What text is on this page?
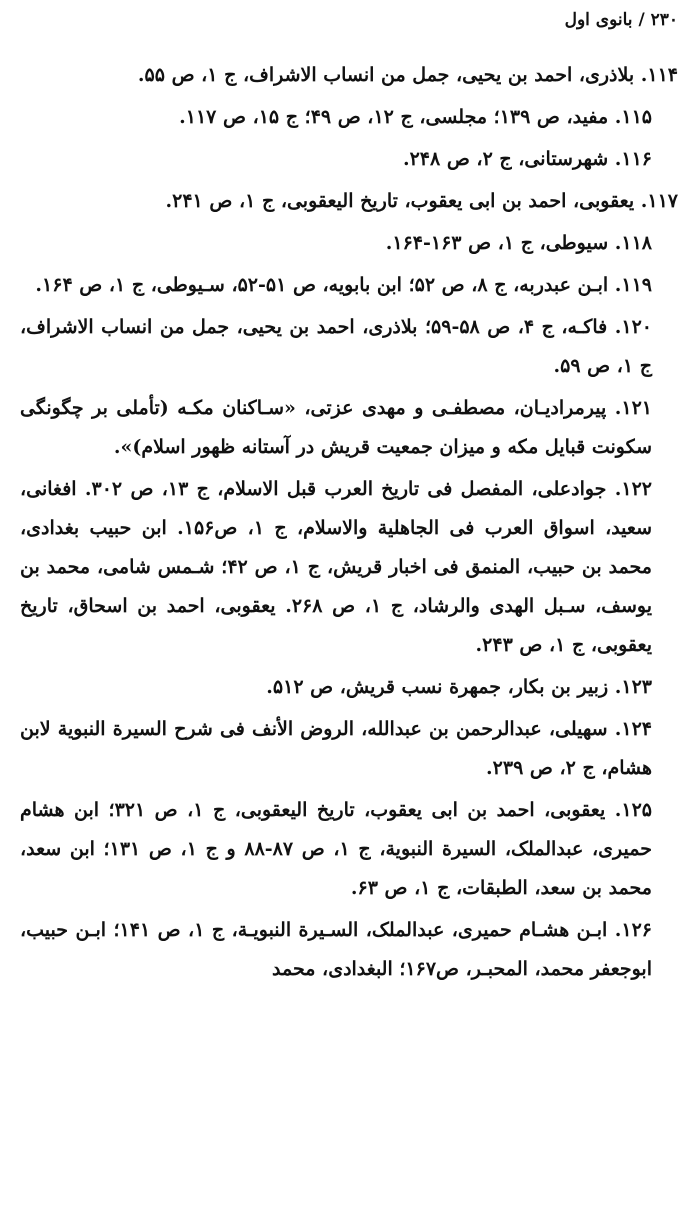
۲۳۰ / بانوی اول

۱۱۴. بلاذری، احمد بن یحیی، جمل من انساب الاشراف، ج ۱، ص ۵۵.

۱۱۵. مفید، ص ۱۳۹؛ مجلسی، ج ۱۲، ص ۴۹؛ ج ۱۵، ص ۱۱۷.

۱۱۶. شهرستانی، ج ۲، ص ۲۴۸.

۱۱۷. یعقوبی، احمد بن ابی یعقوب، تاریخ الیعقوبی، ج ۱، ص ۲۴۱.

۱۱۸. سیوطی، ج ۱، ص ۱۶۳-۱۶۴.

۱۱۹. ابـن عبدربه، ج ۸، ص ۵۲؛ ابن بابویه، ص ۵۱-۵۲، سـیوطی، ج ۱، ص ۱۶۴.

۱۲۰. فاکـه، ج ۴، ص ۵۸-۵۹؛ بلاذری، احمد بن یحیی، جمل من انساب الاشراف، ج ۱، ص ۵۹.

۱۲۱. پیرمرادیـان، مصطفـی و مهدی عزتی، «سـاکنان مکـه (تأملی بر چگونگی سکونت قبایل مکه و میزان جمعیت قریش در آستانه ظهور اسلام)».

۱۲۲. جوادعلی، المفصل فی تاریخ العرب قبل الاسلام، ج ۱۳، ص ۳۰۲. افغانی، سعید، اسواق العرب فی الجاهلیة والاسلام، ج ۱، ص۱۵۶. ابن حبیب بغدادی، محمد بن حبیب، المنمق فی اخبار قریش، ج ۱، ص ۴۲؛ شـمس شامی، محمد بن یوسف، سـبل الهدی والرشاد، ج ۱، ص ۲۶۸. یعقوبی، احمد بن اسحاق، تاریخ یعقوبی، ج ۱، ص ۲۴۳.

۱۲۳. زبیر بن بکار، جمهرة نسب قریش، ص ۵۱۲.

۱۲۴. سهیلی، عبدالرحمن بن عبدالله، الروض الأنف فی شرح السیرة النبویة لابن هشام، ج ۲، ص ۲۳۹.

۱۲۵. یعقوبی، احمد بن ابی یعقوب، تاریخ الیعقوبی، ج ۱، ص ۳۲۱؛ ابن هشام حمیری، عبدالملک، السیرة النبویة، ج ۱، ص ۸۷-۸۸ و ج ۱، ص ۱۳۱؛ ابن سعد، محمد بن سعد، الطبقات، ج ۱، ص ۶۳.

۱۲۶. ابـن هشـام حمیری، عبدالملک، السـیرة النبویـة، ج ۱، ص ۱۴۱؛ ابـن حبیب، ابوجعفر محمد، المحبـر، ص۱۶۷؛ البغدادی، محمد
